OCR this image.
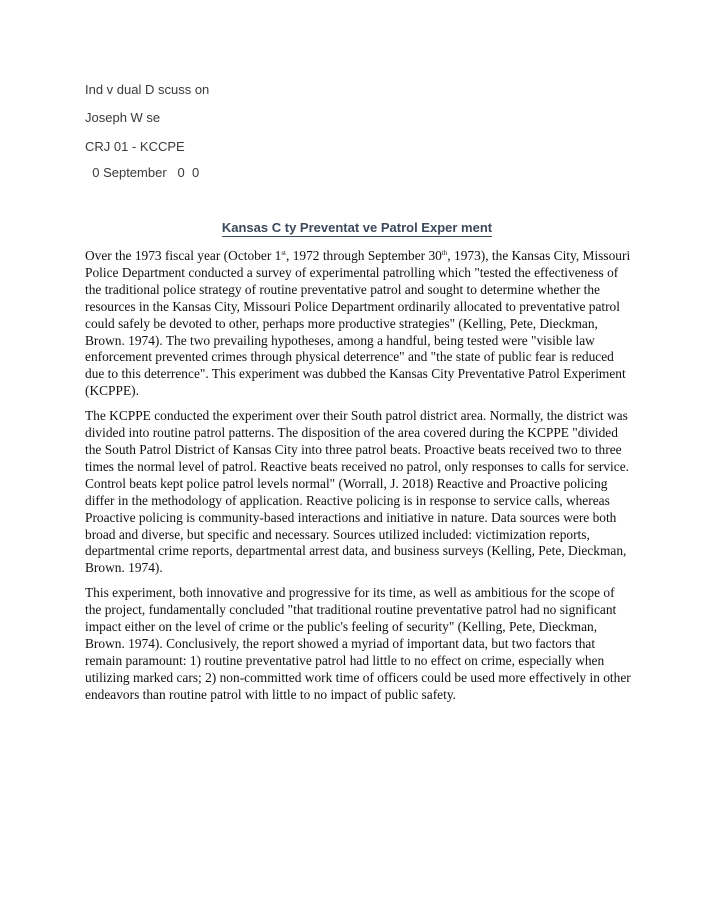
Ind v dual D scuss on
Joseph W se
CRJ 01 - KCCPE
0 September   0  0
Kansas C ty Preventat ve Patrol Exper ment

Over the 1973 fiscal year (October 1st, 1972 through September 30th, 1973), the Kansas City, Missouri Police Department conducted a survey of experimental patrolling which "tested the effectiveness of the traditional police strategy of routine preventative patrol and sought to determine whether the resources in the Kansas City, Missouri Police Department ordinarily allocated to preventative patrol could safely be devoted to other, perhaps more productive strategies" (Kelling, Pete, Dieckman, Brown. 1974). The two prevailing hypotheses, among a handful, being tested were "visible law enforcement prevented crimes through physical deterrence" and "the state of public fear is reduced due to this deterrence". This experiment was dubbed the Kansas City Preventative Patrol Experiment (KCPPE).

The KCPPE conducted the experiment over their South patrol district area. Normally, the district was divided into routine patrol patterns. The disposition of the area covered during the KCPPE "divided the South Patrol District of Kansas City into three patrol beats. Proactive beats received two to three times the normal level of patrol. Reactive beats received no patrol, only responses to calls for service. Control beats kept police patrol levels normal" (Worrall, J. 2018) Reactive and Proactive policing differ in the methodology of application. Reactive policing is in response to service calls, whereas Proactive policing is community-based interactions and initiative in nature. Data sources were both broad and diverse, but specific and necessary. Sources utilized included: victimization reports, departmental crime reports, departmental arrest data, and business surveys (Kelling, Pete, Dieckman, Brown. 1974).

This experiment, both innovative and progressive for its time, as well as ambitious for the scope of the project, fundamentally concluded "that traditional routine preventative patrol had no significant impact either on the level of crime or the public's feeling of security" (Kelling, Pete, Dieckman, Brown. 1974). Conclusively, the report showed a myriad of important data, but two factors that remain paramount: 1) routine preventative patrol had little to no effect on crime, especially when utilizing marked cars; 2) non-committed work time of officers could be used more effectively in other endeavors than routine patrol with little to no impact of public safety.
